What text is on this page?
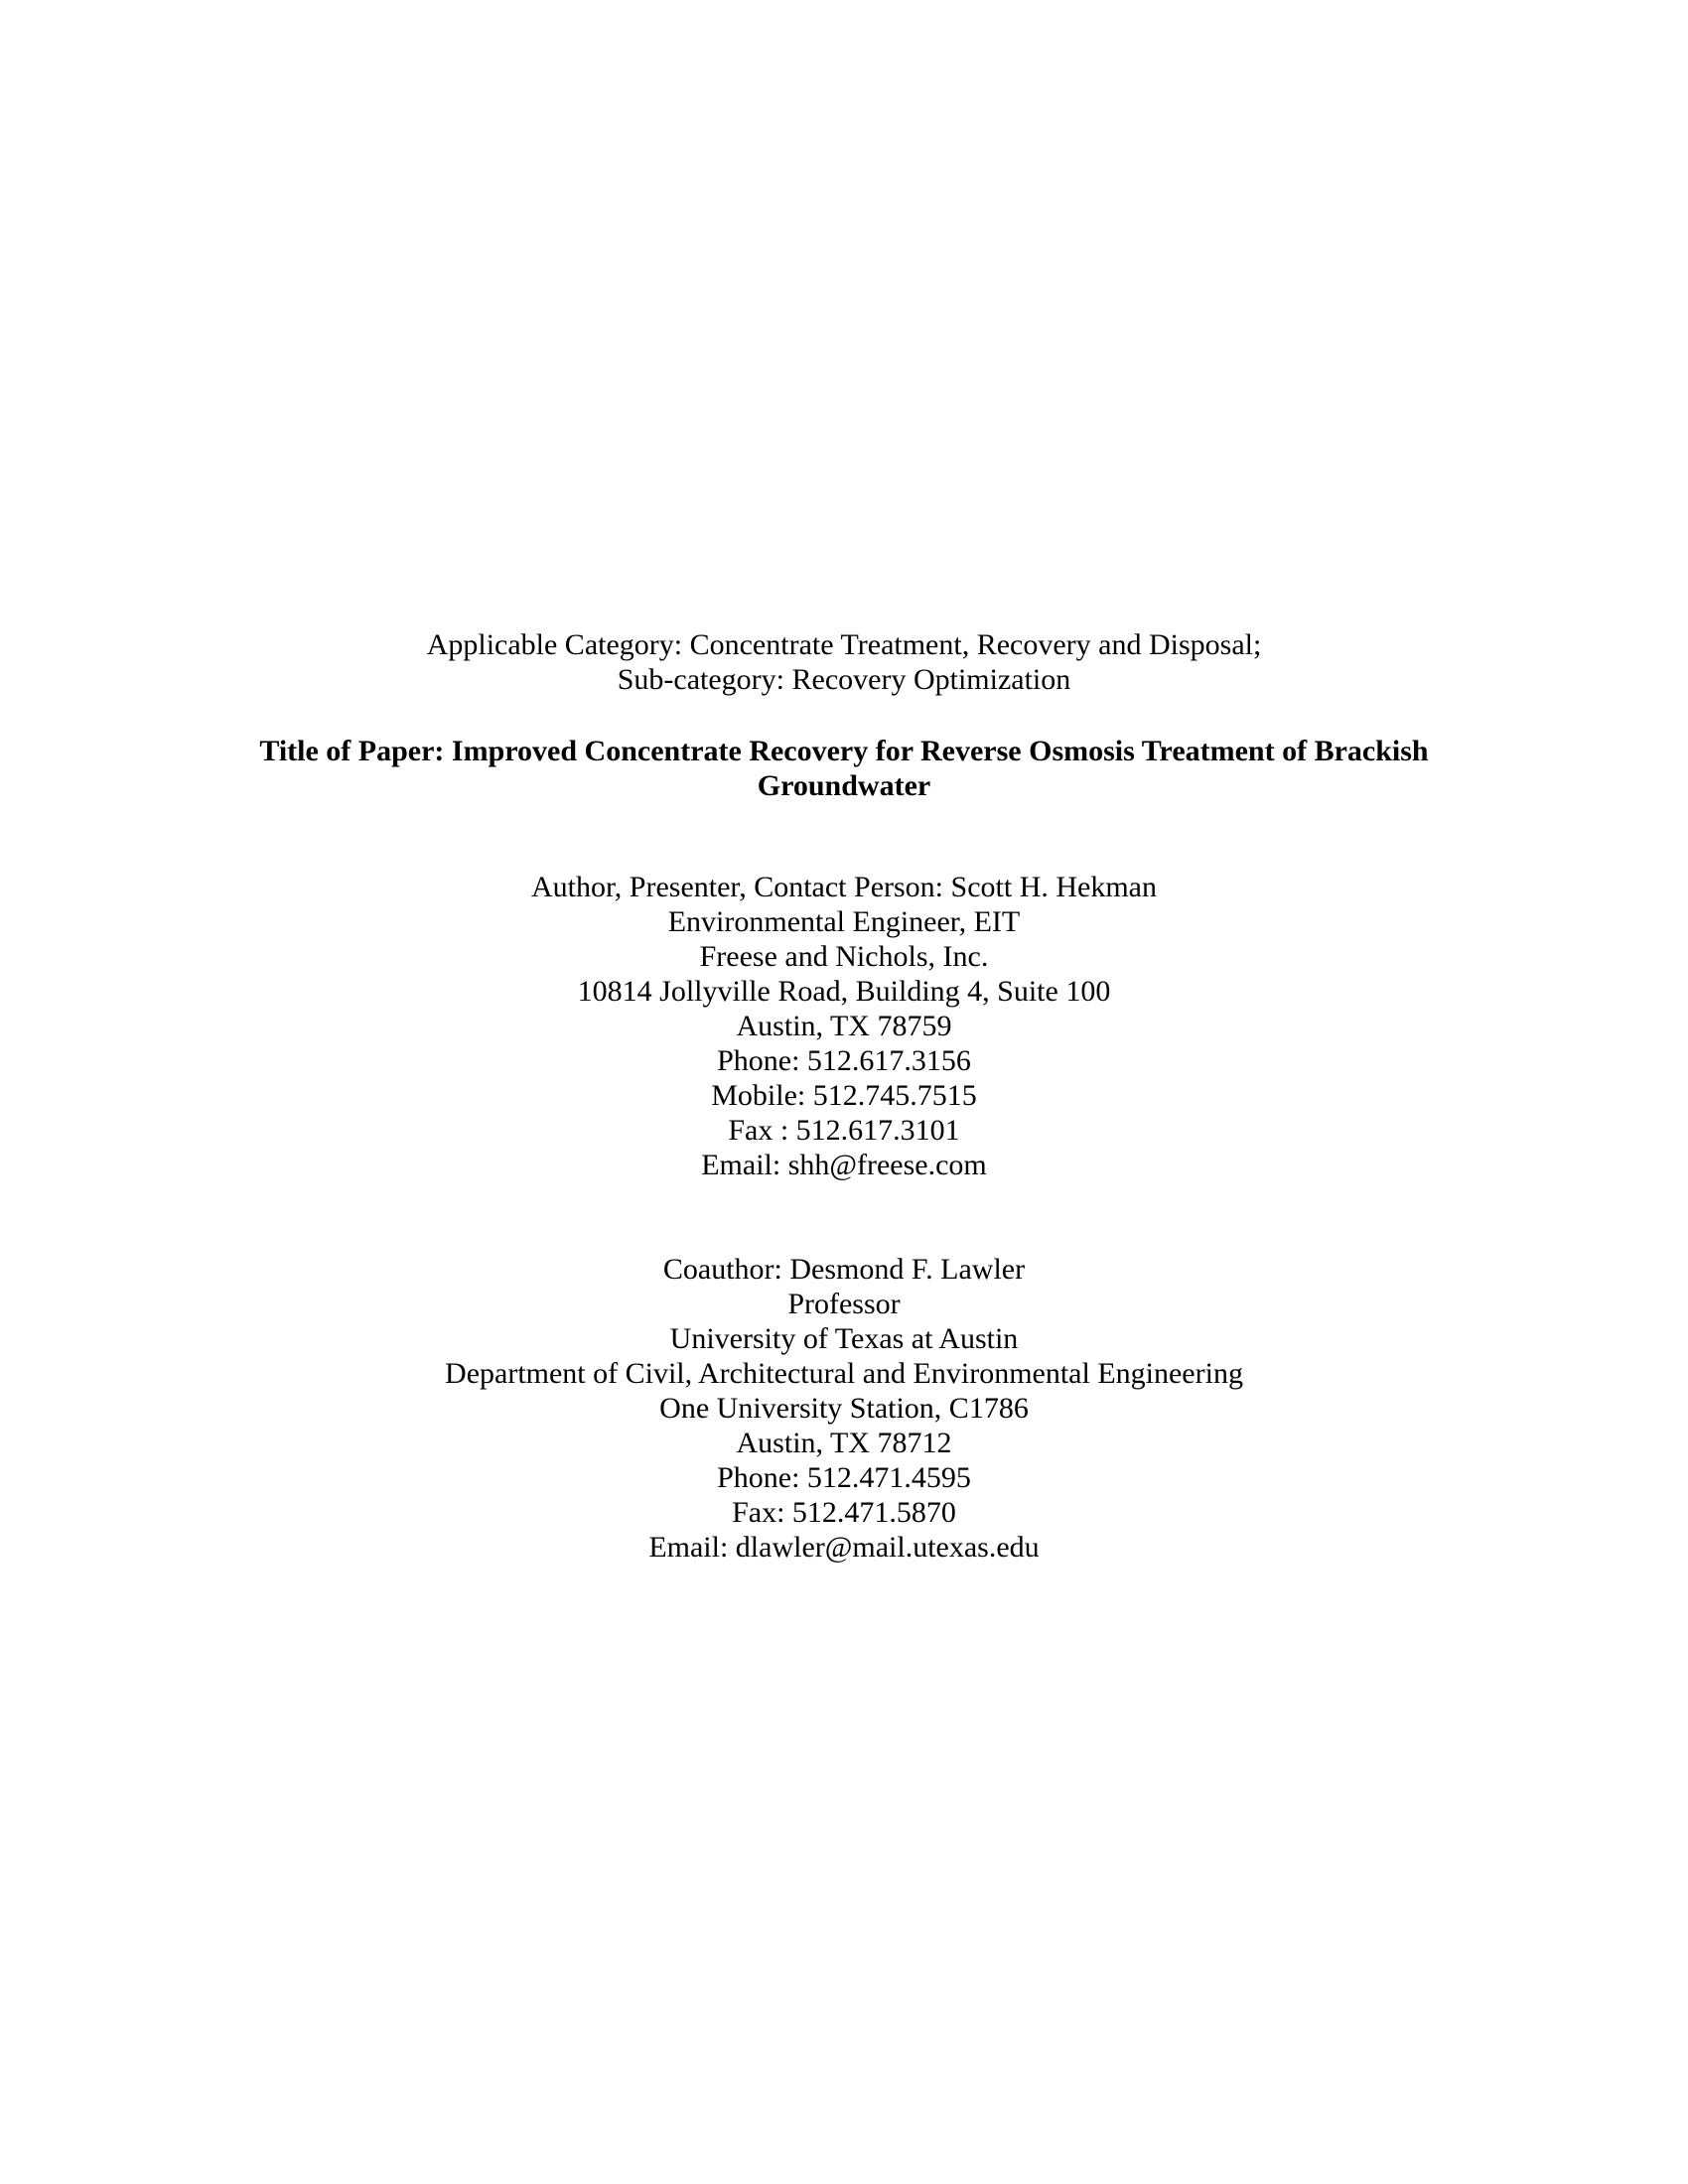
Applicable Category: Concentrate Treatment, Recovery and Disposal;
Sub-category: Recovery Optimization
Title of Paper: Improved Concentrate Recovery for Reverse Osmosis Treatment of Brackish
Groundwater
Author, Presenter, Contact Person: Scott H. Hekman
Environmental Engineer, EIT
Freese and Nichols, Inc.
10814 Jollyville Road, Building 4, Suite 100
Austin, TX 78759
Phone: 512.617.3156
Mobile: 512.745.7515
Fax : 512.617.3101
Email: shh@freese.com
Coauthor: Desmond F. Lawler
Professor
University of Texas at Austin
Department of Civil, Architectural and Environmental Engineering
One University Station, C1786
Austin, TX 78712
Phone: 512.471.4595
Fax: 512.471.5870
Email: dlawler@mail.utexas.edu
